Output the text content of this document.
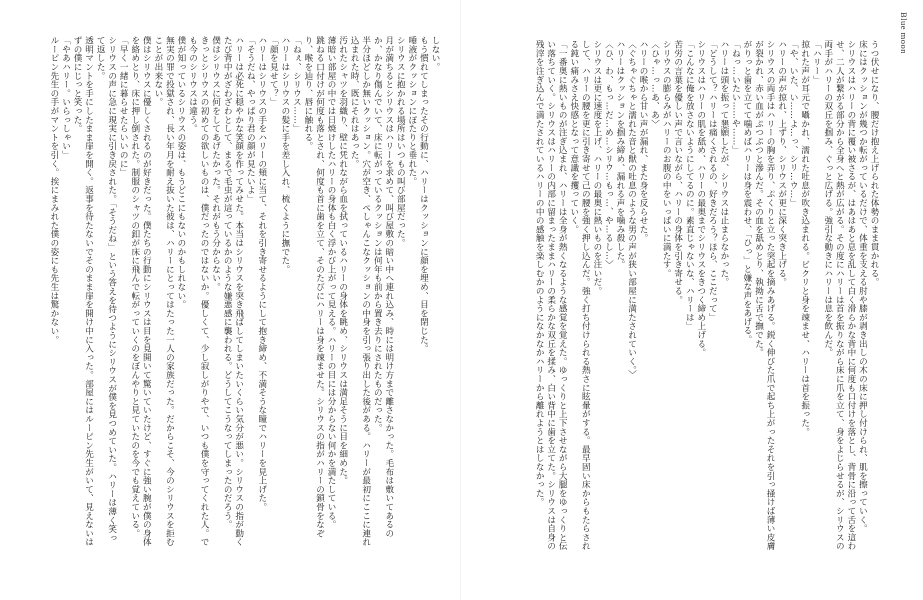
しない。
もう慣れてしまったその行動に、ハリーはクッションに顔を埋め、目を閉じた。
唾液がクッションにぽたりと垂れた。
シリウスに抱かれる場所はいつもの叫び部屋だった。
月が満ちるとシリウスはハリーを求めて、叫び屋敷の暗い中へ連れ込み、時には明け方まで離さなかった。毛布は敷いてあるのか、かなり傷んでいて、床に転がっているクッションは何年も前から置き去りにされたものだった。
半分ほどしか無いクッション。穴が空き、ぺしゃんこなクッションの中身を引っ張り出した後がある。ハリーが最初にここに連れ込まれた時、既にそれはあった。
汚れたシャツを羽織り、壁に凭れながら血を拭っているハリーの身体を眺め、シリウスは満足そうに目を細めた。
薄暗い部屋の中では日焼けしたハリーの身体も白く浮かび上がって見える。ハリーの目には分からない何かを満たしている。
跳ねる口付けが何度も落とされ、何度も首に歯を立て、そのたびにハリーは身を竦ませた。シリウスの指がハリーの鎖骨をなぞり、喉を辿り、唇に触れる。
「ねぇ、シリウス……」
ハリーはシリウスの髪に手を差し入れ、梳くように撫でた。
「顔を見せて？」
ハリーはシリウスの手をハリーの頬に当て、それを引き寄せるようにして抱き締め、不満そうな瞳でハリーを見上げた。
「そうだね、やっぱり君の顔が見たいよ」
ハリーは必死に穏やかな笑顔を作ってみせた。本当はシリウスを突き飛ばしてしまいたいくらい気分が悪い。シリウスの指が動くたび背中がざわざわとして、まるで毛虫が這っているかのような嫌悪感に襲われる。どうしてこうなってしまったのだろう。
僕はシリウスに何をしてあげたかった。それがもう分からない。
きっとシリウスの初めての欲しいものは、僕だったのではないか。優しくて、少し寂しがりやで、いつも僕を守ってくれた人。でも今のシリウスは違う。
僕が知っているシリウスの姿は、もうどこにもないのかもしれない。
無実の罪で投獄され、長い年月を耐え抜いた彼は、ハリーにとってはたった一人の家族だった。だからこそ、今のシリウスを拒むことが出来ない。
僕はシリウスに優しくされるのが好きだった。僕たちの行動にシリウスは目を見開いて驚いていたけど、すぐに強い腕が僕の身体を絡めとり、床に押し倒された。制服のシャツの釦が床に飛んで転がっていくのをぼんやりと見ていたのを今でも覚えている。
「早く一緒に暮らせたらいいのに」
シリウスの声に急に現実に引き戻された。「そうだね」という答えを待つようにシリウスが僕を見つめていた。ハリーは薄く笑って返した。
透明マントを手にしたまま扉を開く。返事を待たないでそのまま扉を開け中に入った。部屋にはルーピン先生がいて、見えないはずの僕にじっと笑った。
「やあハリー。いらっしゃい」
ルーピン先生の手がマントを引く。挨にまみれた僕の姿にも先生は驚かない。
Blue moon
うつ伏せになり、腰だけ抱え上げられた体勢のまま貫かれる。
床にはクッションが幾つか転がっているだけで、体重を支える肘や膝が剥き出しの木の床に押し付けられ、肌を擦っていく。
シリウスはハリーの背に覆い被さるが、はあはあと息を乱して白く滑らかな背中に何度も口付けを落とし、背骨に沿って舌を這わせ、二人が繋がる部分から全身へと熱が広がる。その度にハリーは首を振りながら床に爪を立て、身をよじらせるが、シリウスの両手がハリーの双丘を掴み、ぐっと広げる。強引な動きにハリーは息を飲んだ。
「ハリー」
掠れた声が耳元で囁かれ、濡れた吐息が吹き込まれる。ビクリと身を竦ませ、ハリーは首を振った。
「や、いた、い……よ…っ、シリ…ウ…」
ハリーの声が掠れ、上ずり、シリウスが更に深く突き上げる。
シリウスの両手はハリーの胸を弄り、ぷくりと立った突起を摘みあげる。鋭く伸びた爪で起ち上がったそれを引っ掻けば薄い皮膚が裂かれ、赤い血がぷつぷつと滲んだ。その血を舐めとり、執拗に舌で撫でた。
がりっと歯を立てて噛めばハリーは身を震わせ、「ひっ」と嫌な声をあげる。
「ねっ…いたい……や……」
ハリーは頭を振って懇願したが、シリウスは止まらなかった。
「どうして？ハリーは痛くされるの、好きだろう？ほら、ここだって」
シリウスはハリーの肌を舐め、ハリーの最奥までシリウスをきつく締め上げる。
「こんなに俺を放さないようにしてるのに。素直じゃないな、ハリーは」
苦労の言葉を優しい声で言いながら、ハリーの身体を引き寄せる。
シリウスの膨らみがハリーのお腹の中をいっぱいに満たす。
〈ひゃ…っ…あ、あ〉
ハリーの喉から甘い声が漏れ、また身を反らせた。
〈ぐちゃぐちゃと濡れた音と獣の吐息のような男の声が狭い部屋に満たされていく。〉
ハリーはクッションを掴み締め、漏れる声を噛み殺した。
〈ひ、わ、もっ…だ…め…シリウ…もっ…、や…るし…〉
シリウスは更に速度を上げ、ハリーの最奥に熱いものを注いだ。
して、ハリーの腰を更に引き寄せて己の腰を強く押し込んだ。強く打ち付けられる熱さに眩暈がする。最早固い床からもたらされる鈍い痛みさえ快感となって意識を攫っていく。
「一番奥に熱いものが注ぎ込まれ、ハリーは全身が熱くなるような感覚を覚えた。ゆっくりと上下させながら大腿をゆっくりと伝い落ちていく。シリウスはハリーの内部に留まったままハリーの柔らかな双丘を揉み、白い背中に歯を立てた。シリウスは自身の残滓を注ぎ込んで満たされているハリーの中の感触を楽しむかのようになかなかハリーから離れようとはしなかった。
